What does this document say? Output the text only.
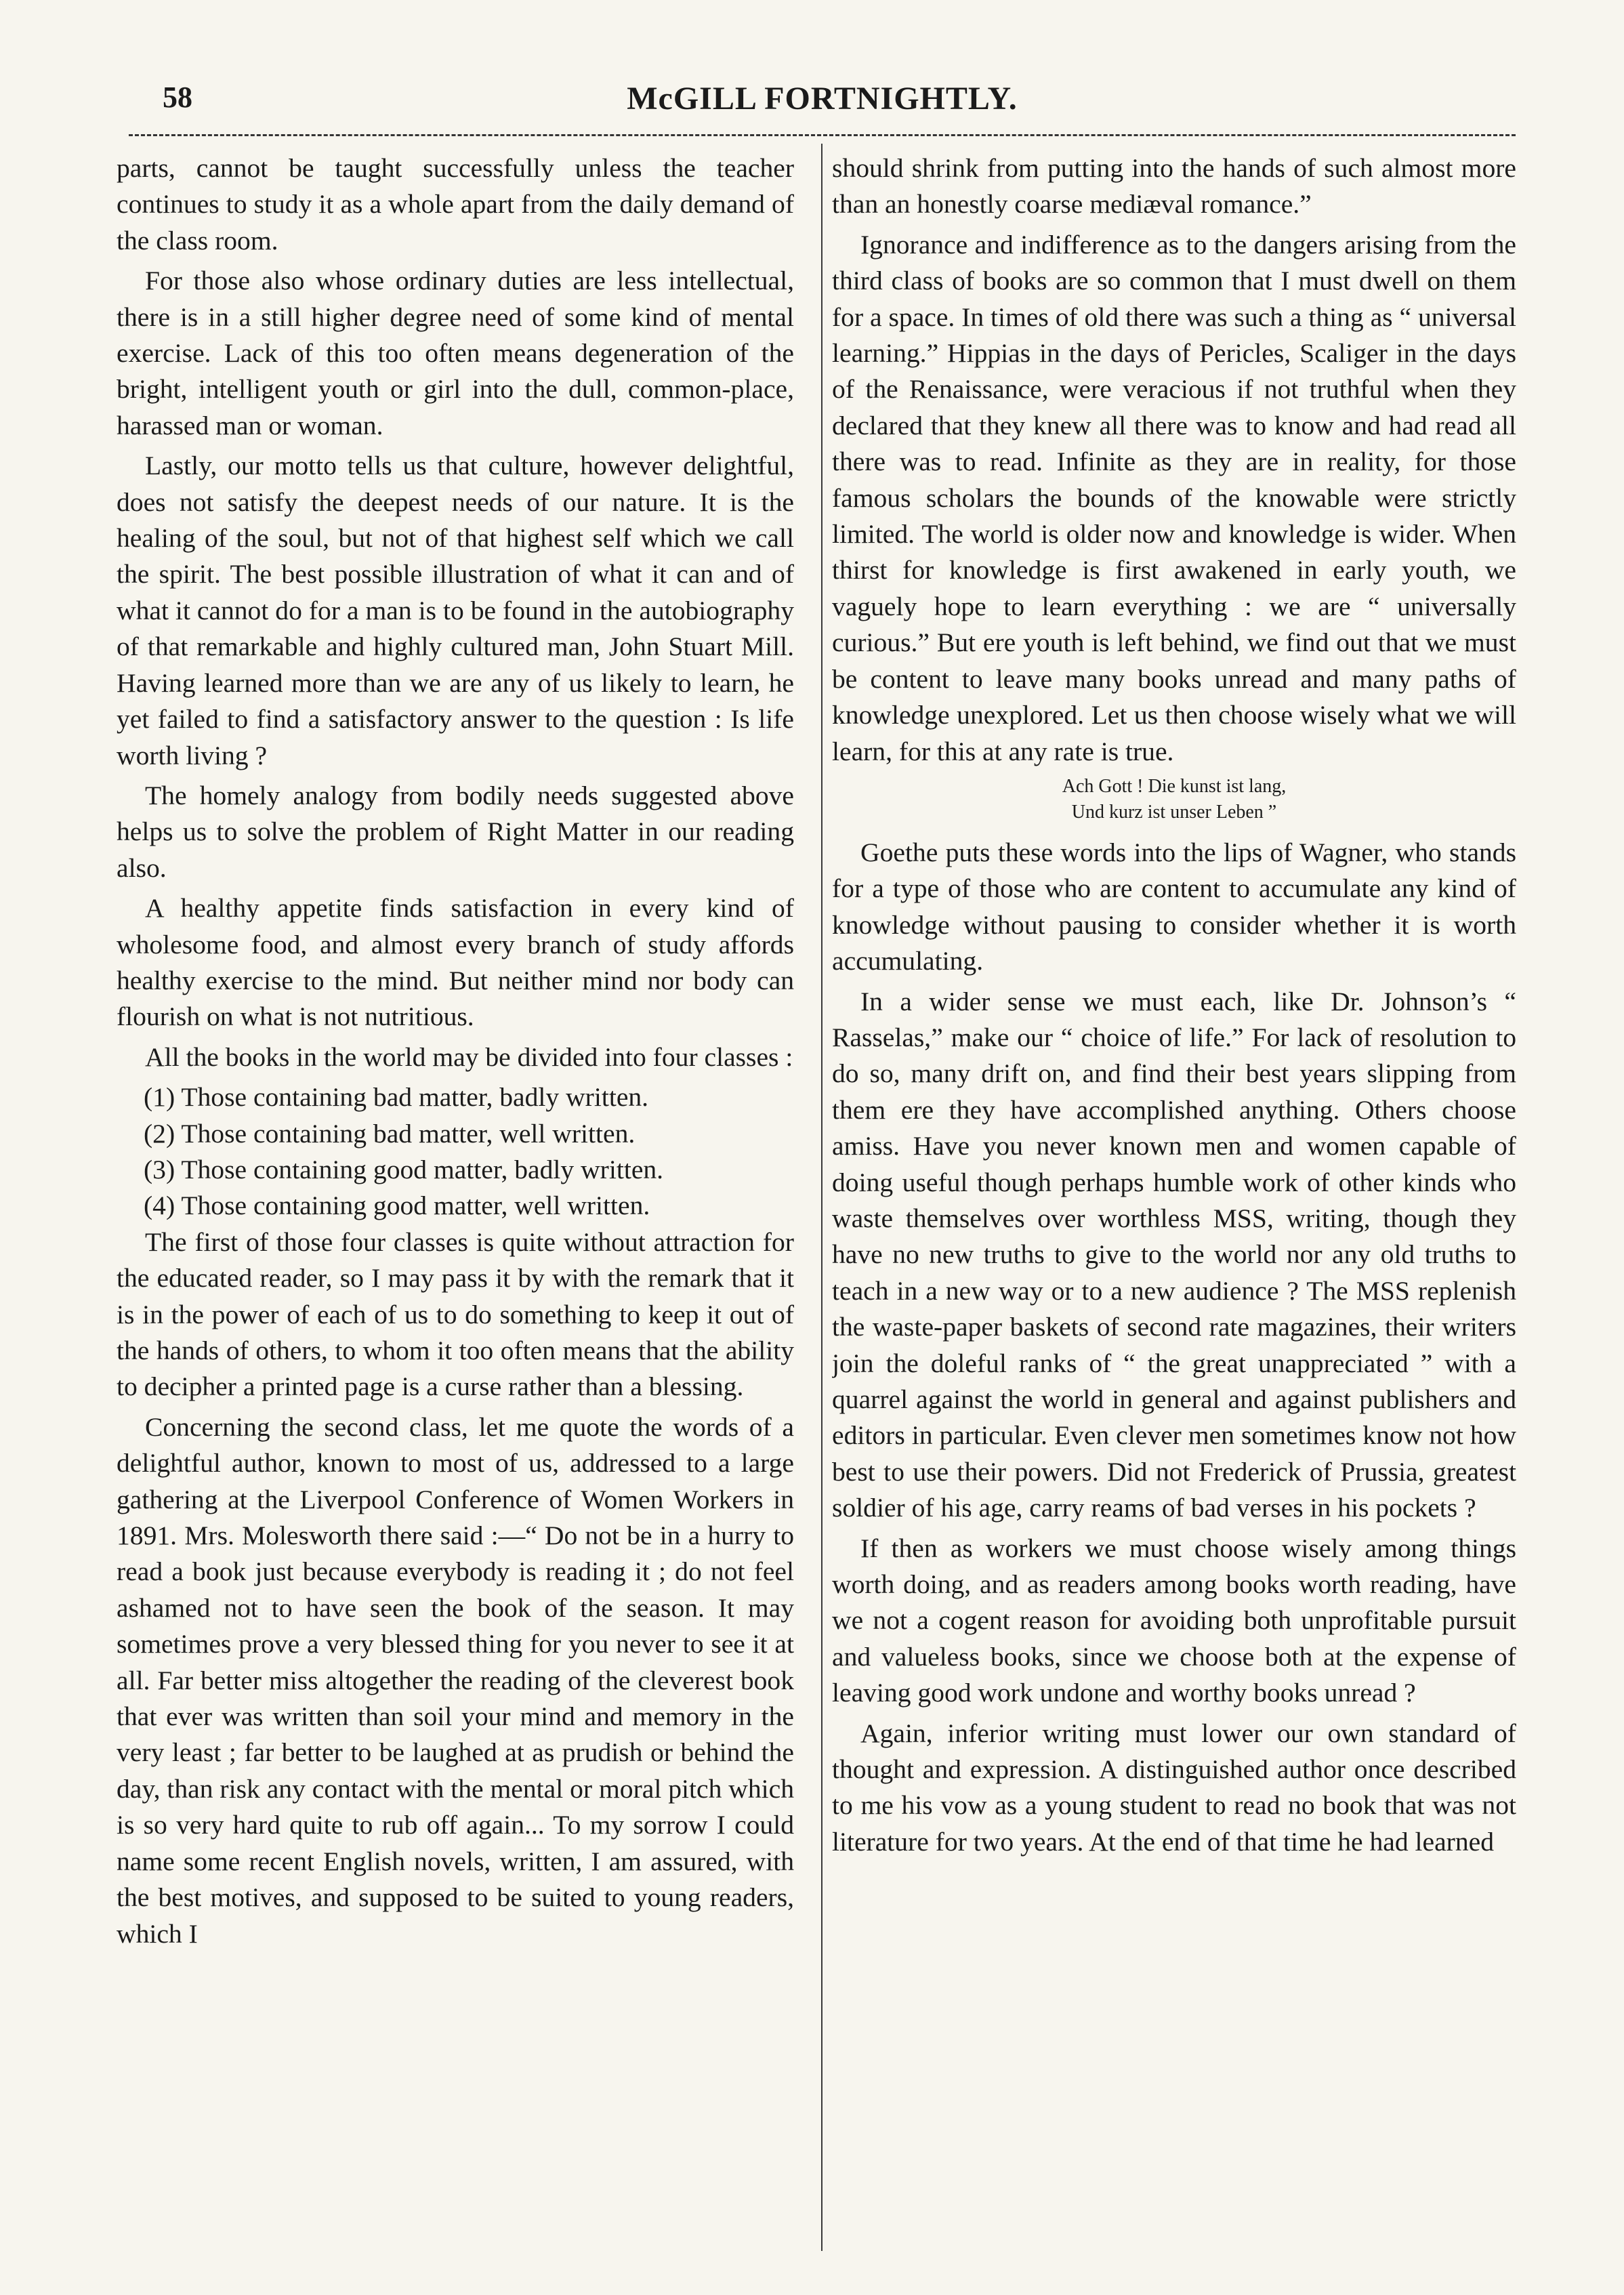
58	McGILL FORTNIGHTLY.

parts, cannot be taught successfully unless the teacher continues to study it as a whole apart from the daily demand of the class room.

For those also whose ordinary duties are less intellectual, there is in a still higher degree need of some kind of mental exercise. Lack of this too often means degeneration of the bright, intelligent youth or girl into the dull, common-place, harassed man or woman.

Lastly, our motto tells us that culture, however delightful, does not satisfy the deepest needs of our nature. It is the healing of the soul, but not of that highest self which we call the spirit. The best possible illustration of what it can and of what it cannot do for a man is to be found in the autobiography of that remarkable and highly cultured man, John Stuart Mill. Having learned more than we are any of us likely to learn, he yet failed to find a satisfactory answer to the question : Is life worth living ?

The homely analogy from bodily needs suggested above helps us to solve the problem of Right Matter in our reading also.

A healthy appetite finds satisfaction in every kind of wholesome food, and almost every branch of study affords healthy exercise to the mind. But neither mind nor body can flourish on what is not nutritious.

All the books in the world may be divided into four classes :

(1) Those containing bad matter, badly written.

(2) Those containing bad matter, well written.

(3) Those containing good matter, badly written.

(4) Those containing good matter, well written.

The first of those four classes is quite without attraction for the educated reader, so I may pass it by with the remark that it is in the power of each of us to do something to keep it out of the hands of others, to whom it too often means that the ability to decipher a printed page is a curse rather than a blessing.

Concerning the second class, let me quote the words of a delightful author, known to most of us, addressed to a large gathering at the Liverpool Conference of Women Workers in 1891. Mrs. Molesworth there said :—“ Do not be in a hurry to read a book just because everybody is reading it ; do not feel ashamed not to have seen the book of the season. It may sometimes prove a very blessed thing for you never to see it at all. Far better miss altogether the reading of the cleverest book that ever was written than soil your mind and memory in the very least ; far better to be laughed at as prudish or behind the day, than risk any contact with the mental or moral pitch which is so very hard quite to rub off again... To my sorrow I could name some recent English novels, written, I am assured, with the best motives, and supposed to be suited to young readers, which I

should shrink from putting into the hands of such almost more than an honestly coarse mediæval romance.”

Ignorance and indifference as to the dangers arising from the third class of books are so common that I must dwell on them for a space. In times of old there was such a thing as “ universal learning.” Hippias in the days of Pericles, Scaliger in the days of the Renaissance, were veracious if not truthful when they declared that they knew all there was to know and had read all there was to read. Infinite as they are in reality, for those famous scholars the bounds of the knowable were strictly limited. The world is older now and knowledge is wider. When thirst for knowledge is first awakened in early youth, we vaguely hope to learn everything : we are “ universally curious.” But ere youth is left behind, we find out that we must be content to leave many books unread and many paths of knowledge unexplored. Let us then choose wisely what we will learn, for this at any rate is true.

Ach Gott ! Die kunst ist lang,
Und kurz ist unser Leben ”

Goethe puts these words into the lips of Wagner, who stands for a type of those who are content to accumulate any kind of knowledge without pausing to consider whether it is worth accumulating.

In a wider sense we must each, like Dr. Johnson’s “ Rasselas,” make our “ choice of life.” For lack of resolution to do so, many drift on, and find their best years slipping from them ere they have accomplished anything. Others choose amiss. Have you never known men and women capable of doing useful though perhaps humble work of other kinds who waste themselves over worthless MSS, writing, though they have no new truths to give to the world nor any old truths to teach in a new way or to a new audience ? The MSS replenish the waste-paper baskets of second rate magazines, their writers join the doleful ranks of “ the great unappreciated ” with a quarrel against the world in general and against publishers and editors in particular. Even clever men sometimes know not how best to use their powers. Did not Frederick of Prussia, greatest soldier of his age, carry reams of bad verses in his pockets ?

If then as workers we must choose wisely among things worth doing, and as readers among books worth reading, have we not a cogent reason for avoiding both unprofitable pursuit and valueless books, since we choose both at the expense of leaving good work undone and worthy books unread ?

Again, inferior writing must lower our own standard of thought and expression. A distinguished author once described to me his vow as a young student to read no book that was not literature for two years. At the end of that time he had learned
